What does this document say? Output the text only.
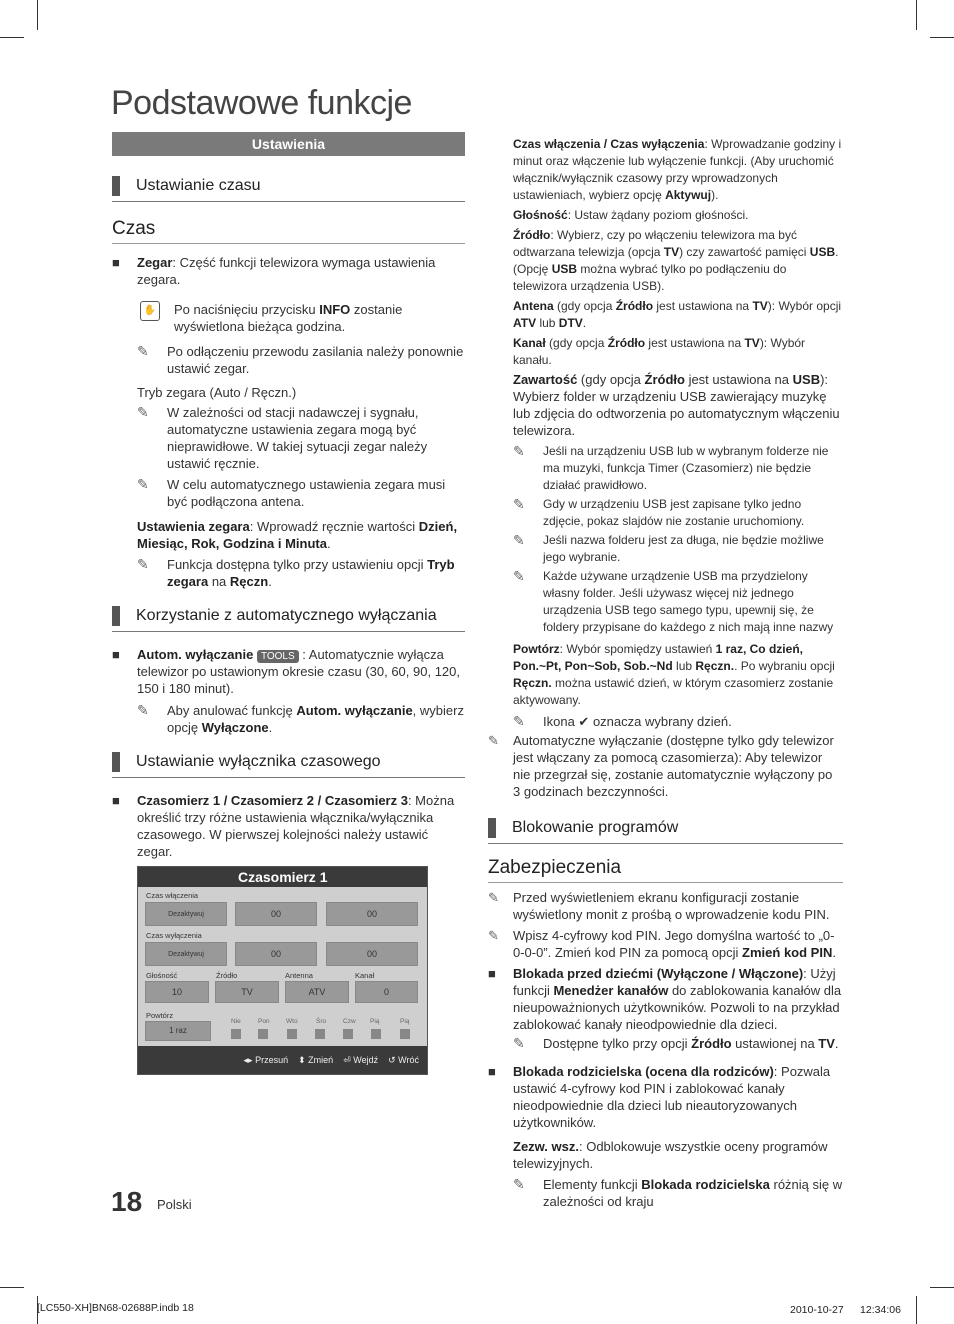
Podstawowe funkcje
Ustawienia
Ustawianie czasu
Czas
■	Zegar: Część funkcji telewizora wymaga ustawienia zegara.
✋ Po naciśnięciu przycisku INFO zostanie wyświetlona bieżąca godzina.
✎	Po odłączeniu przewodu zasilania należy ponownie ustawić zegar.
Tryb zegara (Auto / Ręczn.)
✎	W zależności od stacji nadawczej i sygnału, automatyczne ustawienia zegara mogą być nieprawidłowe. W takiej sytuacji zegar należy ustawić ręcznie.
✎	W celu automatycznego ustawienia zegara musi być podłączona antena.
Ustawienia zegara: Wprowadź ręcznie wartości Dzień, Miesiąc, Rok, Godzina i Minuta.
✎	Funkcja dostępna tylko przy ustawieniu opcji Tryb zegara na Ręczn.
Korzystanie z automatycznego wyłączania
■	Autom. wyłączanie TOOLS : Automatycznie wyłącza telewizor po ustawionym okresie czasu (30, 60, 90, 120, 150 i 180 minut).
✎	Aby anulować funkcję Autom. wyłączanie, wybierz opcję Wyłączone.
Ustawianie wyłącznika czasowego
■	Czasomierz 1 / Czasomierz 2 / Czasomierz 3: Można określić trzy różne ustawienia włącznika/wyłącznika czasowego. W pierwszej kolejności należy ustawić zegar.
Czasomierz 1
Czas włączenia
Dezaktywuj	00	00
Czas wyłączenia
Dezaktywuj	00	00
Głośność	Źródło	Antenna	Kanał
10	TV	ATV	0
Powtórz
1 raz
Nie	Pon	Wto	Śro	Czw Pią	Pią
◂▸ Przesuń ⬍ Zmień ⏎ Wejdź ↺ Wróć
Czas włączenia / Czas wyłączenia: Wprowadzanie godziny i minut oraz włączenie lub wyłączenie funkcji. (Aby uruchomić włącznik/wyłącznik czasowy przy wprowadzonych ustawieniach, wybierz opcję Aktywuj).
Głośność: Ustaw żądany poziom głośności.
Źródło: Wybierz, czy po włączeniu telewizora ma być odtwarzana telewizja (opcja TV) czy zawartość pamięci USB. (Opcję USB można wybrać tylko po podłączeniu do telewizora urządzenia USB).
Antena (gdy opcja Źródło jest ustawiona na TV): Wybór opcji ATV lub DTV.
Kanał (gdy opcja Źródło jest ustawiona na TV): Wybór kanału.
Zawartość (gdy opcja Źródło jest ustawiona na USB): Wybierz folder w urządzeniu USB zawierający muzykę lub zdjęcia do odtworzenia po automatycznym włączeniu telewizora.
✎	Jeśli na urządzeniu USB lub w wybranym folderze nie ma muzyki, funkcja Timer (Czasomierz) nie będzie działać prawidłowo.
✎	Gdy w urządzeniu USB jest zapisane tylko jedno zdjęcie, pokaz slajdów nie zostanie uruchomiony.
✎	Jeśli nazwa folderu jest za długa, nie będzie możliwe jego wybranie.
✎	Każde używane urządzenie USB ma przydzielony własny folder. Jeśli używasz więcej niż jednego urządzenia USB tego samego typu, upewnij się, że foldery przypisane do każdego z nich mają inne nazwy
Powtórz: Wybór spomiędzy ustawień 1 raz, Co dzień, Pon.~Pt, Pon~Sob, Sob.~Nd lub Ręczn.. Po wybraniu opcji Ręczn. można ustawić dzień, w którym czasomierz zostanie aktywowany.
✎	Ikona ✔ oznacza wybrany dzień.
✎	Automatyczne wyłączanie (dostępne tylko gdy telewizor jest włączany za pomocą czasomierza): Aby telewizor nie przegrzał się, zostanie automatycznie wyłączony po 3 godzinach bezczynności.
Blokowanie programów
Zabezpieczenia
✎	Przed wyświetleniem ekranu konfiguracji zostanie wyświetlony monit z prośbą o wprowadzenie kodu PIN.
✎	Wpisz 4-cyfrowy kod PIN. Jego domyślna wartość to „0-0-0-0”. Zmień kod PIN za pomocą opcji Zmień kod PIN.
■	Blokada przed dziećmi (Wyłączone / Włączone): Użyj funkcji Menedżer kanałów do zablokowania kanałów dla nieupoważnionych użytkowników. Pozwoli to na przykład zablokować kanały nieodpowiednie dla dzieci.
✎	Dostępne tylko przy opcji Źródło ustawionej na TV.
■	Blokada rodzicielska (ocena dla rodziców): Pozwala ustawić 4-cyfrowy kod PIN i zablokować kanały nieodpowiednie dla dzieci lub nieautoryzowanych użytkowników.
Zezw. wsz.: Odblokowuje wszystkie oceny programów telewizyjnych.
✎	Elementy funkcji Blokada rodzicielska różnią się w zależności od kraju
18 Polski
[LC550-XH]BN68-02688P.indb 18	2010-10-27 　 12:34:06
